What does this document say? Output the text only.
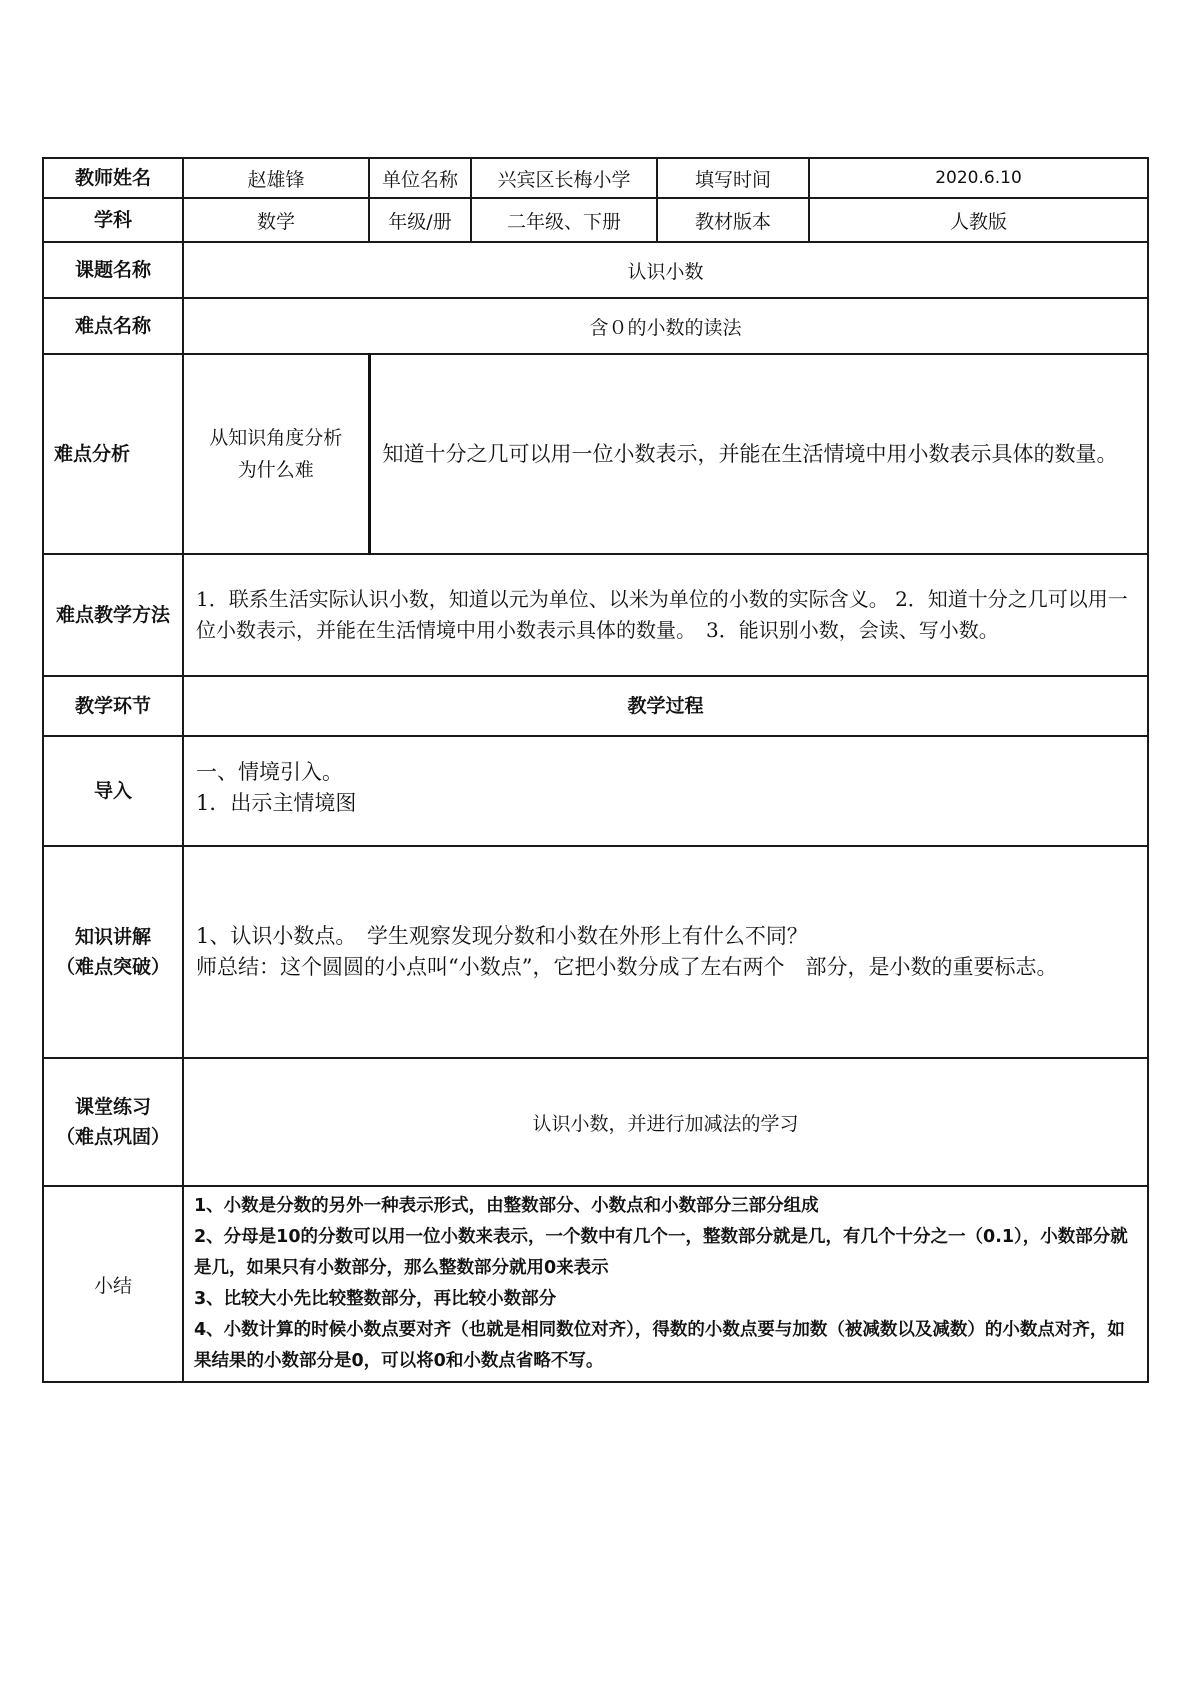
教师姓名	赵雄锋	单位名称	兴宾区长梅小学	填写时间	2020.6.10
学科	数学	年级/册	二年级、下册	教材版本	人教版
课题名称	认识小数				
难点名称	含０的小数的读法				
难点分析	从知识角度分析为什么难	知道十分之几可以用一位小数表示，并能在生活情境中用小数表示具体的数量。			
难点教学方法	1．联系生活实际认识小数，知道以元为单位、以米为单位的小数的实际含义。 2．知道十分之几可以用一位小数表示，并能在生活情境中用小数表示具体的数量。　3．能识别小数，会读、写小数。				
教学环节	教学过程				
导入	一、情境引入。
1．出示主情境图				

知识讲解
（难点突破）	1、认识小数点。　学生观察发现分数和小数在外形上有什么不同？
师总结：这个圆圆的小点叫“小数点”，它把小数分成了左右两个　部分，是小数的重要标志。				

课堂练习
（难点巩固）	认识小数，并进行加减法的学习				
小结	1、小数是分数的另外一种表示形式，由整数部分、小数点和小数部分三部分组成
2、分母是10的分数可以用一位小数来表示，一个数中有几个一，整数部分就是几，有几个十分之一（0.1），小数部分就是几，如果只有小数部分，那么整数部分就用0来表示
3、比较大小先比较整数部分，再比较小数部分
4、小数计算的时候小数点要对齐（也就是相同数位对齐），得数的小数点要与加数（被减数以及减数）的小数点对齐，如果结果的小数部分是0，可以将0和小数点省略不写。				
